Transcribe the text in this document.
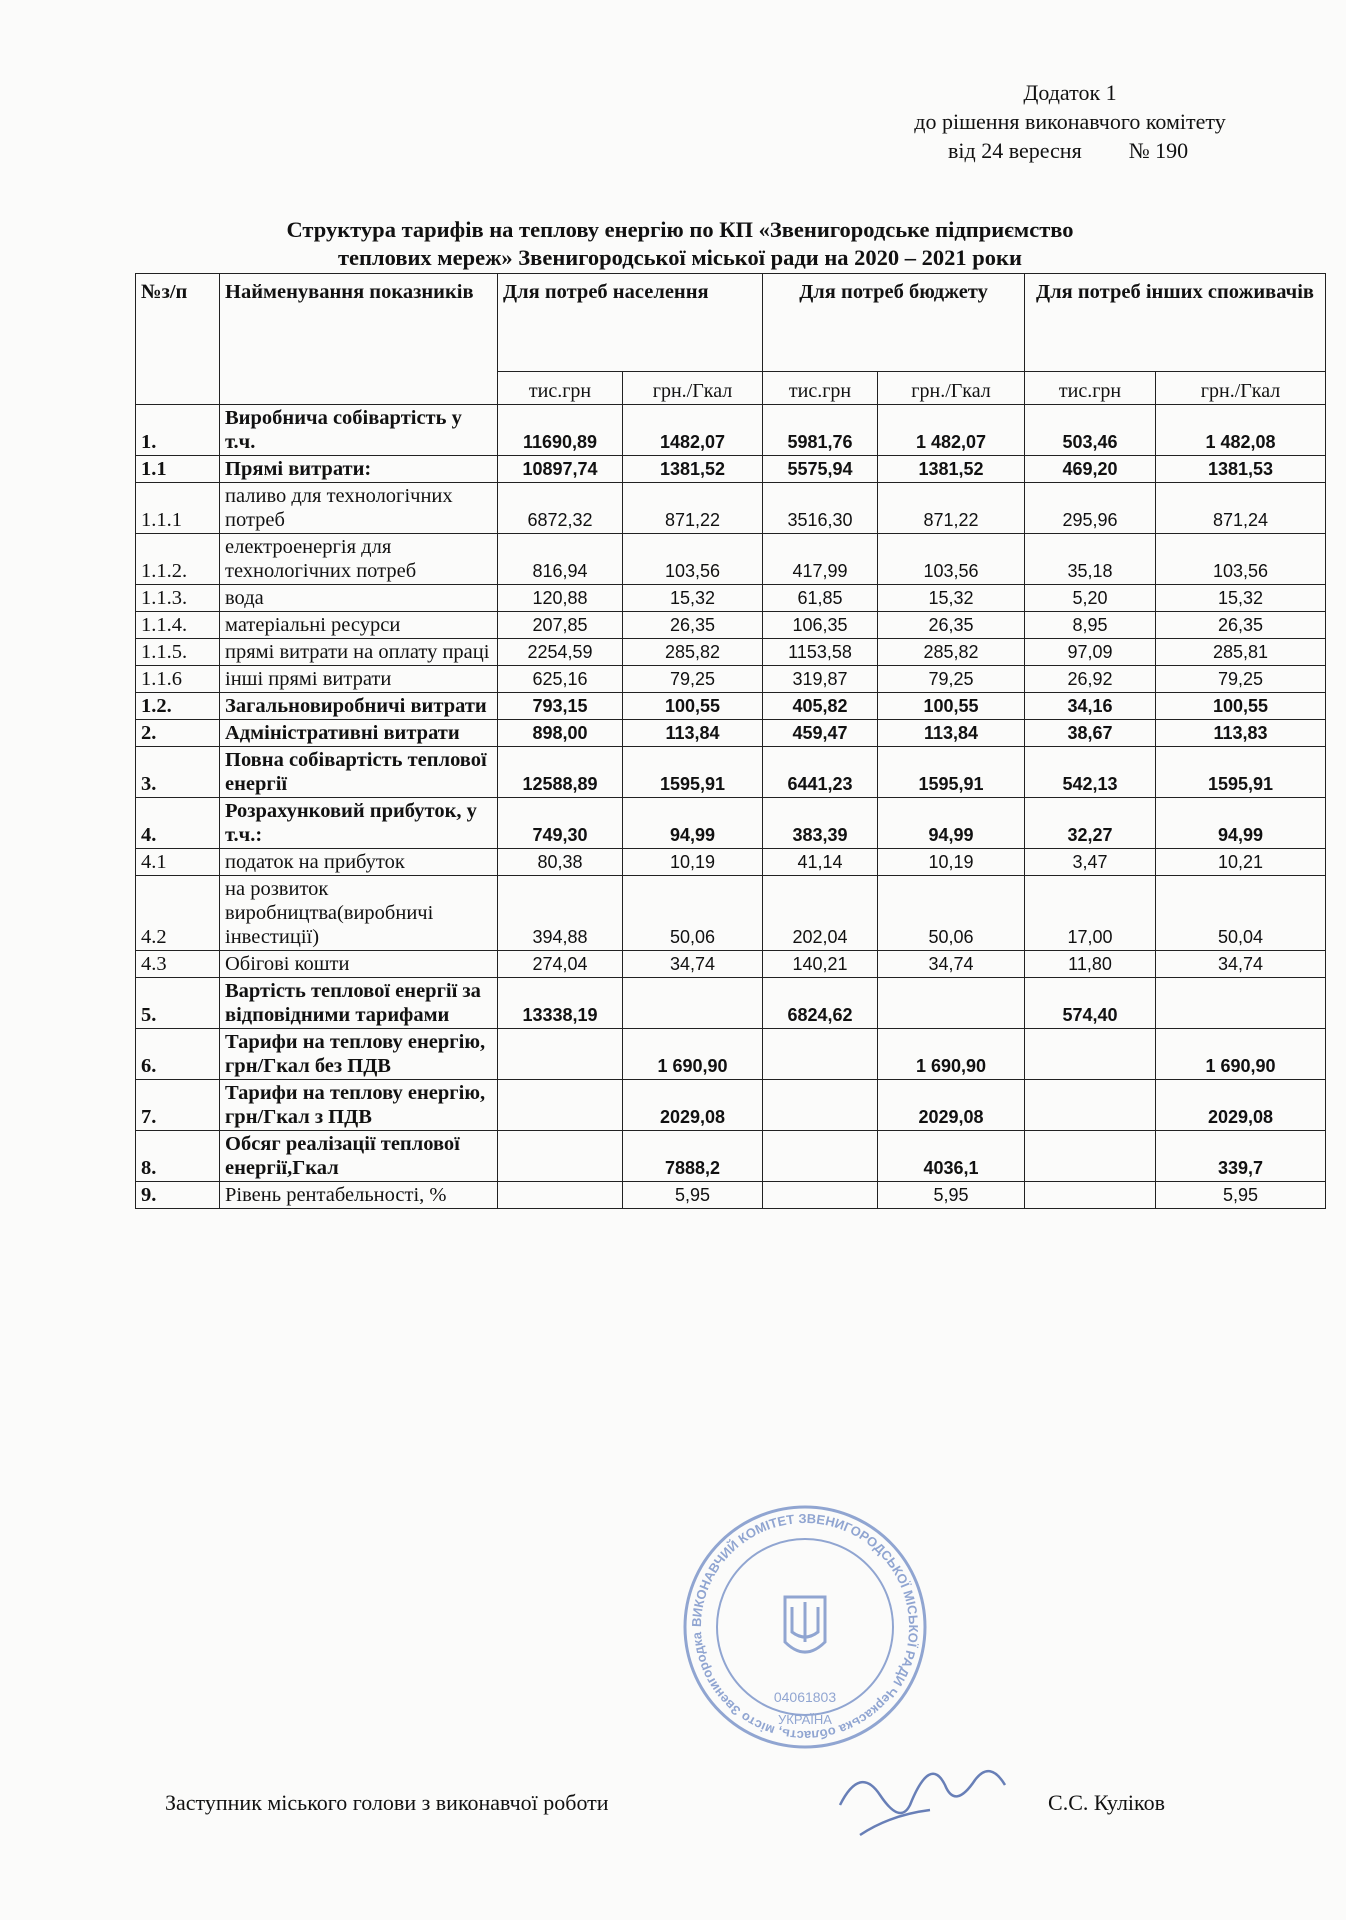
Додаток 1
до рішення виконавчого комітету
від 24 вересня № 190
Структура тарифів на теплову енергію по КП «Звенигородське підприємство
теплових мереж» Звенигородської міської ради на 2020 – 2021 роки
№з/п	Найменування показників	Для потреб населення		Для потреб бюджету		Для потреб інших споживачів	
		тис.грн	грн./Гкал	тис.грн	грн./Гкал	тис.грн	грн./Гкал
1.	Виробнича собівартість у т.ч.	11690,89	1482,07	5981,76	1 482,07	503,46	1 482,08
1.1	Прямі витрати:	10897,74	1381,52	5575,94	1381,52	469,20	1381,53
1.1.1	паливо для технологічних потреб	6872,32	871,22	3516,30	871,22	295,96	871,24
1.1.2.	електроенергія для технологічних потреб	816,94	103,56	417,99	103,56	35,18	103,56
1.1.3.	вода	120,88	15,32	61,85	15,32	5,20	15,32
1.1.4.	матеріальні ресурси	207,85	26,35	106,35	26,35	8,95	26,35
1.1.5.	прямі витрати на оплату праці	2254,59	285,82	1153,58	285,82	97,09	285,81
1.1.6	інші прямі витрати	625,16	79,25	319,87	79,25	26,92	79,25
1.2.	Загальновиробничі витрати	793,15	100,55	405,82	100,55	34,16	100,55
2.	Адміністративні витрати	898,00	113,84	459,47	113,84	38,67	113,83
3.	Повна собівартість теплової енергії	12588,89	1595,91	6441,23	1595,91	542,13	1595,91
4.	Розрахунковий прибуток, у т.ч.:	749,30	94,99	383,39	94,99	32,27	94,99
4.1	податок на прибуток	80,38	10,19	41,14	10,19	3,47	10,21
4.2	на розвиток виробництва(виробничі інвестиції)	394,88	50,06	202,04	50,06	17,00	50,04
4.3	Обігові кошти	274,04	34,74	140,21	34,74	11,80	34,74
5.	Вартість теплової енергії за відповідними тарифами	13338,19		6824,62		574,40	
6.	Тарифи на теплову енергію, грн/Гкал без ПДВ		1 690,90		1 690,90		1 690,90
7.	Тарифи на теплову енергію, грн/Гкал з ПДВ		2029,08		2029,08		2029,08
8.	Обсяг реалізації теплової енергії,Гкал		7888,2		4036,1		339,7
9.	Рівень рентабельності, %		5,95		5,95		5,95
ВИКОНАВЧИЙ КОМІТЕТ ЗВЕНИГОРОДСЬКОЇ МІСЬКОЇ РАДИ Черкаська область, місто Звенигородка
04061803
УКРАЇНА
Заступник міського голови з виконавчої роботи	С.С. Куліков
